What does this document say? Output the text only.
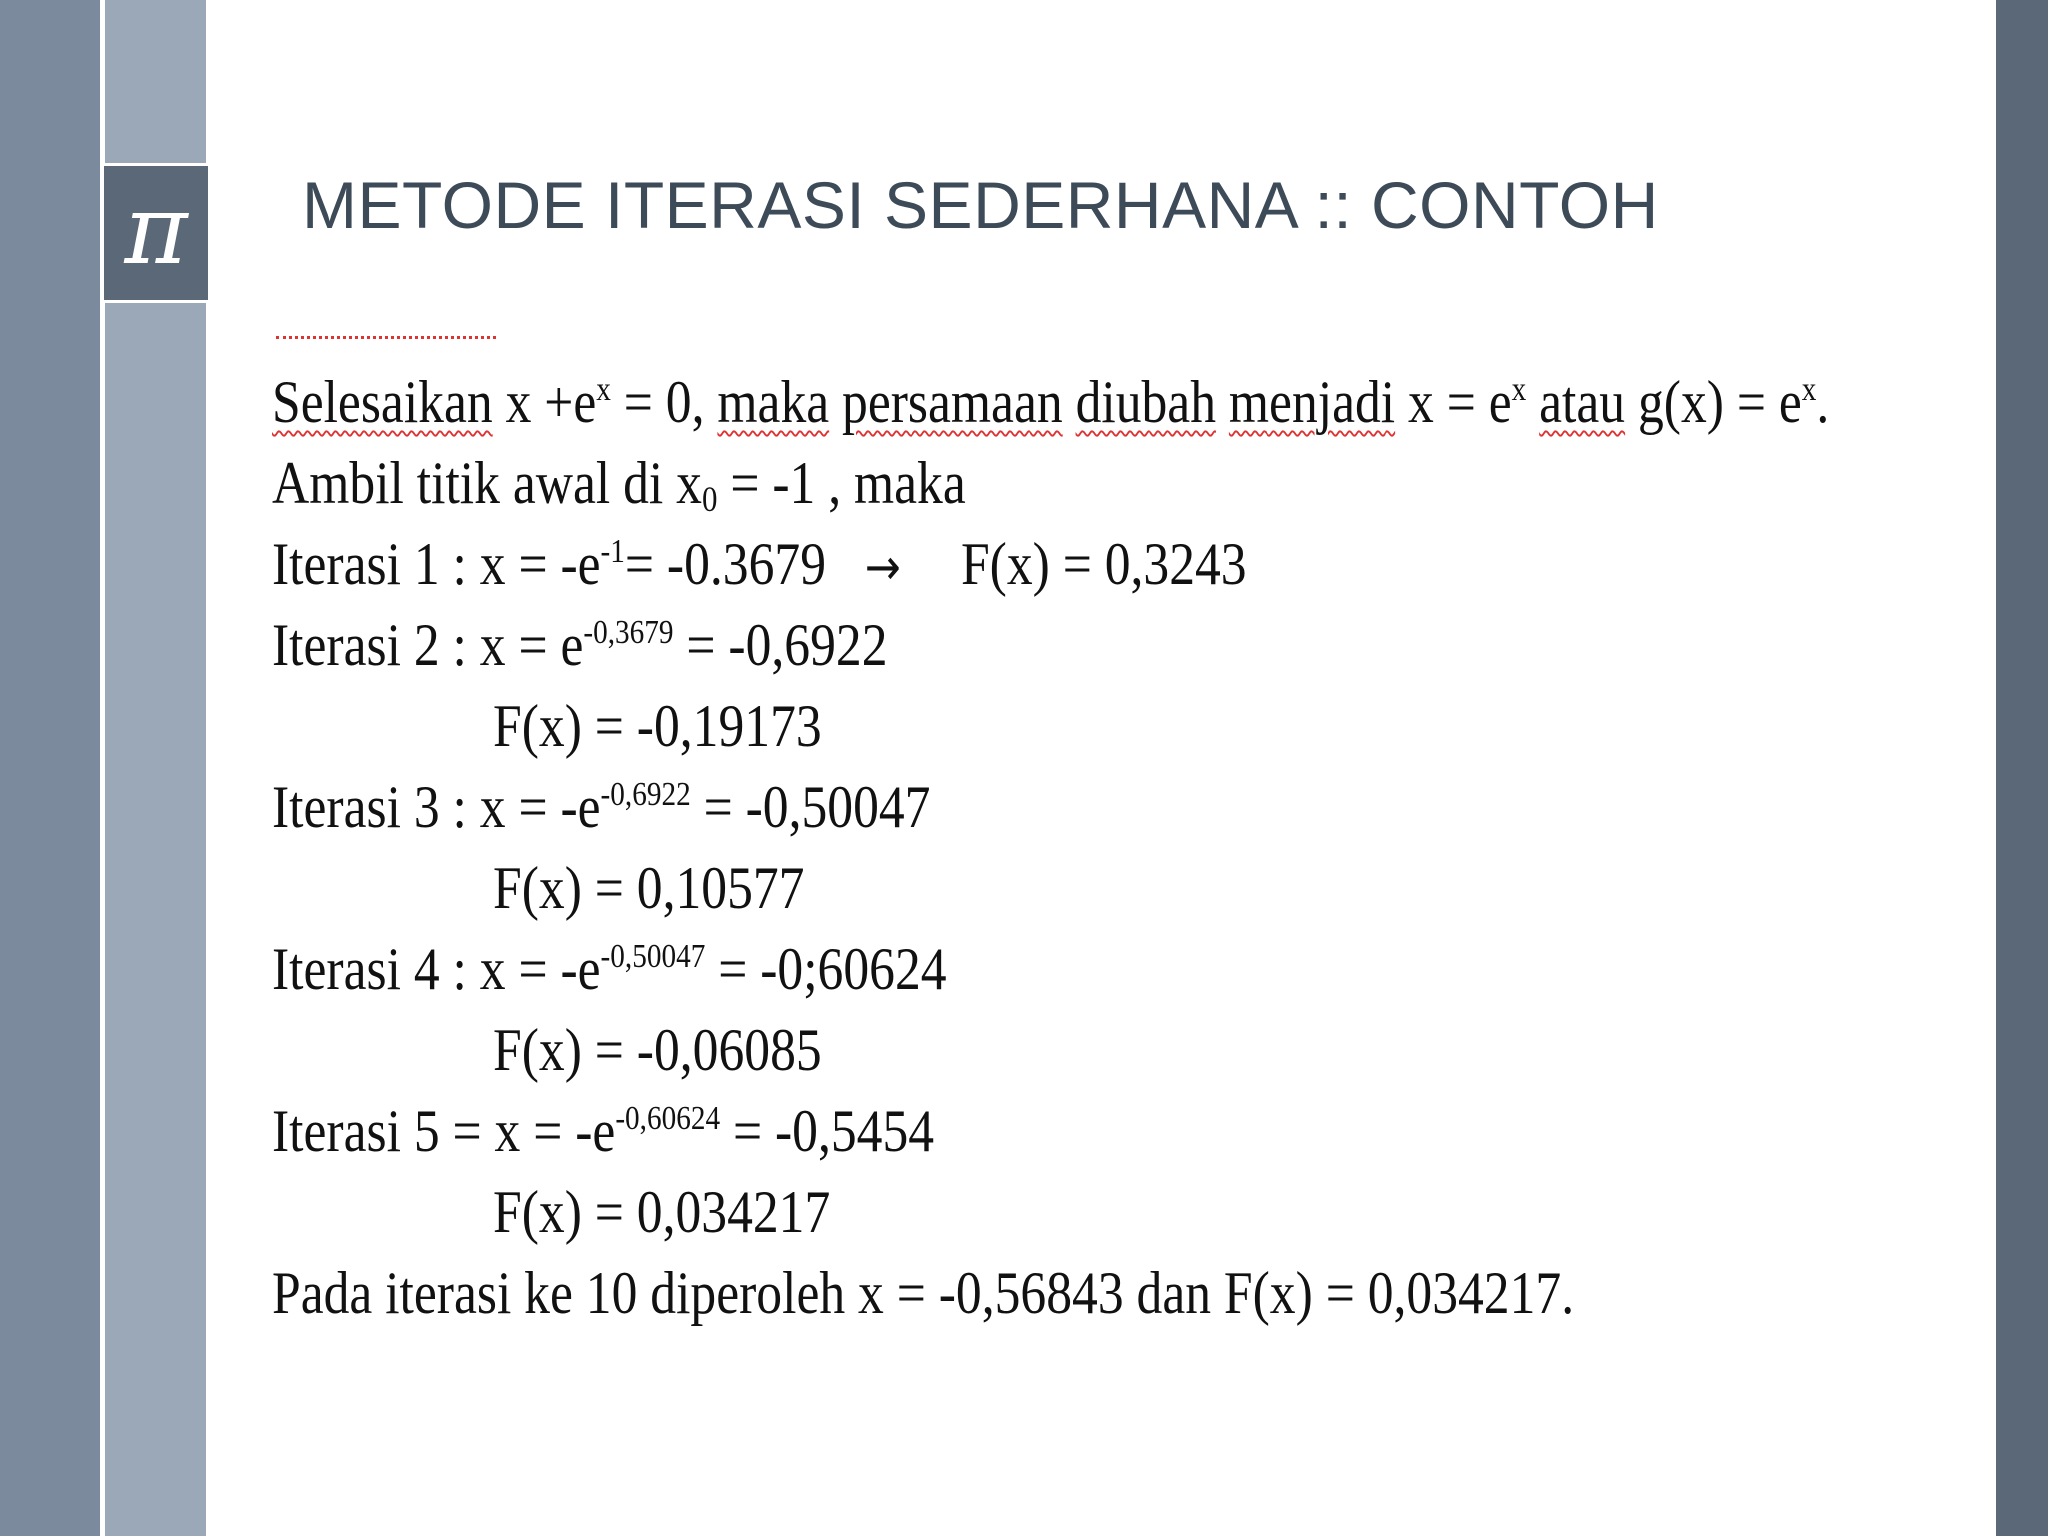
π	METODE ITERASI SEDERHANA :: CONTOH
Selesaikan $x +e^x = 0$, maka persamaan diubah menjadi $x = e^x$ atau $g(x) = e^x$.
Ambil titik awal di $x_0 = -1$ , maka
Iterasi 1 : $x = -e^{-1}= -0.3679 \to F(x) = 0,3243$
Iterasi 2 : $x = e^{-0,3679} = -0,6922$
F(x) = -0,19173
Iterasi 3 : $x = -e^{-0,6922} = -0,50047$
F(x) = 0,10577
Iterasi 4 : $x = -e^{-0,50047}$ = -0;60624
F(x) = -0,06085
Iterasi $5 = x = -e^{-0,60624} = -0,5454$
F(x) = 0,034217
Pada iterasi ke 10 diperoleh x = -0,56843 dan F(x) = 0,034217.
